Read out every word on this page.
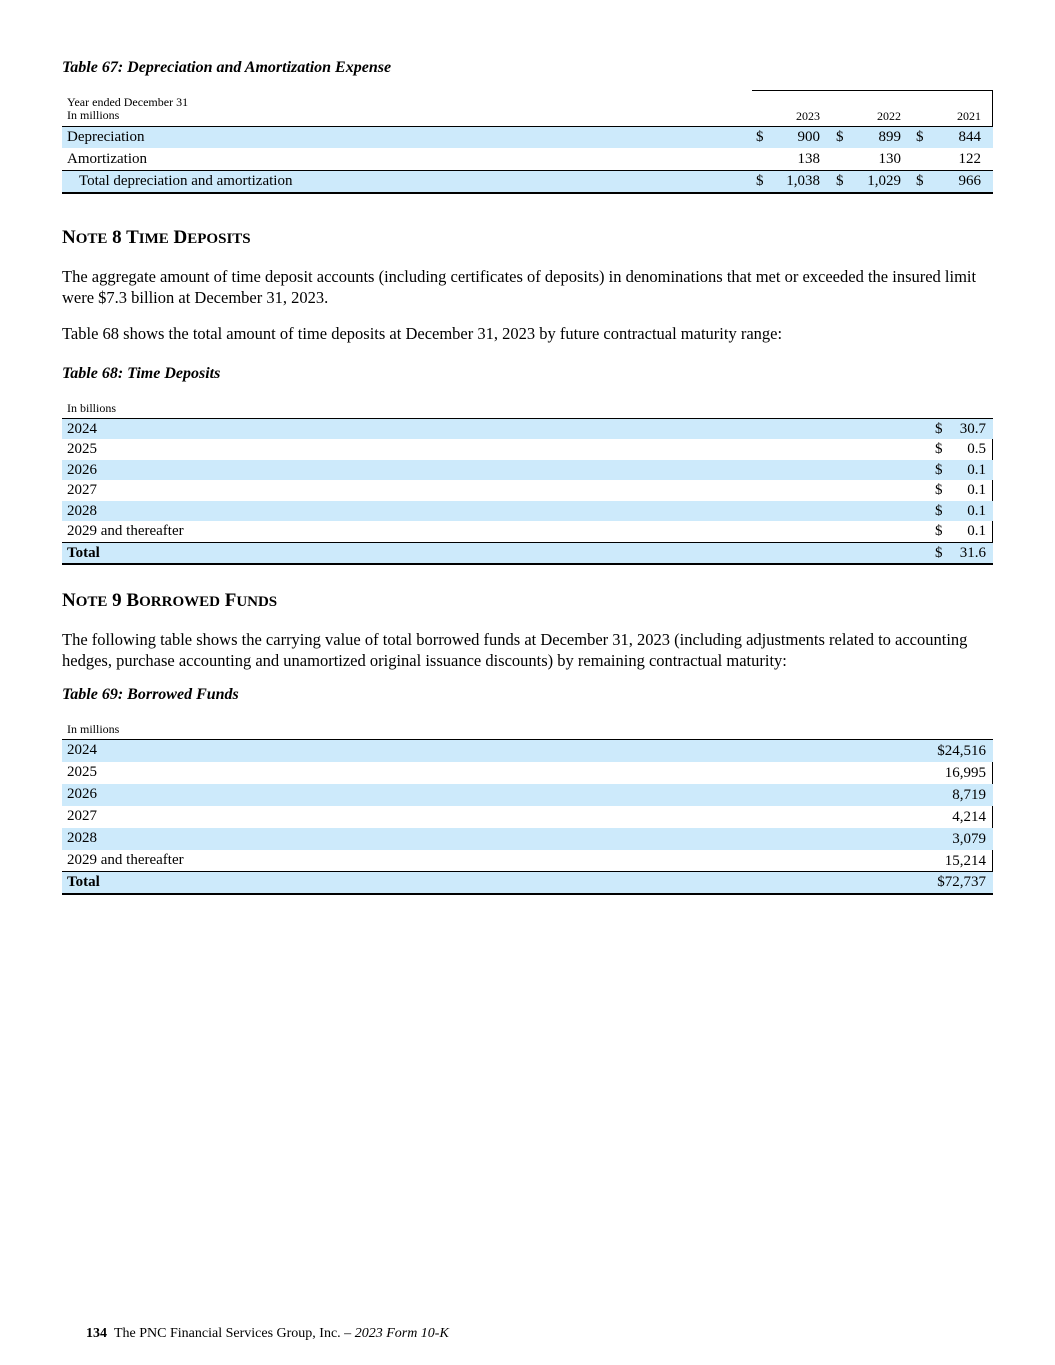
Table 67: Depreciation and Amortization Expense
Year ended December 31
In millions	2023	2022	2021
Depreciation	$	900 $	899 $	844
Amortization	138	130	122
Total depreciation and amortization	$	1,038 $	1,029 $	966
NOTE 8 TIME DEPOSITS
The aggregate amount of time deposit accounts (including certificates of deposits) in denominations that met or exceeded the insured limit were $7.3 billion at December 31, 2023.
Table 68 shows the total amount of time deposits at December 31, 2023 by future contractual maturity range:
Table 68: Time Deposits
In billions
2024	$	30.7
2025	$	0.5
2026	$	0.1
2027	$	0.1
2028	$	0.1
2029 and thereafter	$	0.1
Total	$	31.6
NOTE 9 BORROWED FUNDS
The following table shows the carrying value of total borrowed funds at December 31, 2023 (including adjustments related to accounting hedges, purchase accounting and unamortized original issuance discounts) by remaining contractual maturity:
Table 69: Borrowed Funds
In millions
2024	$24,516
2025	16,995
2026	8,719
2027	4,214
2028	3,079
2029 and thereafter	15,214
Total	$72,737
134 The PNC Financial Services Group, Inc. – 2023 Form 10-K
